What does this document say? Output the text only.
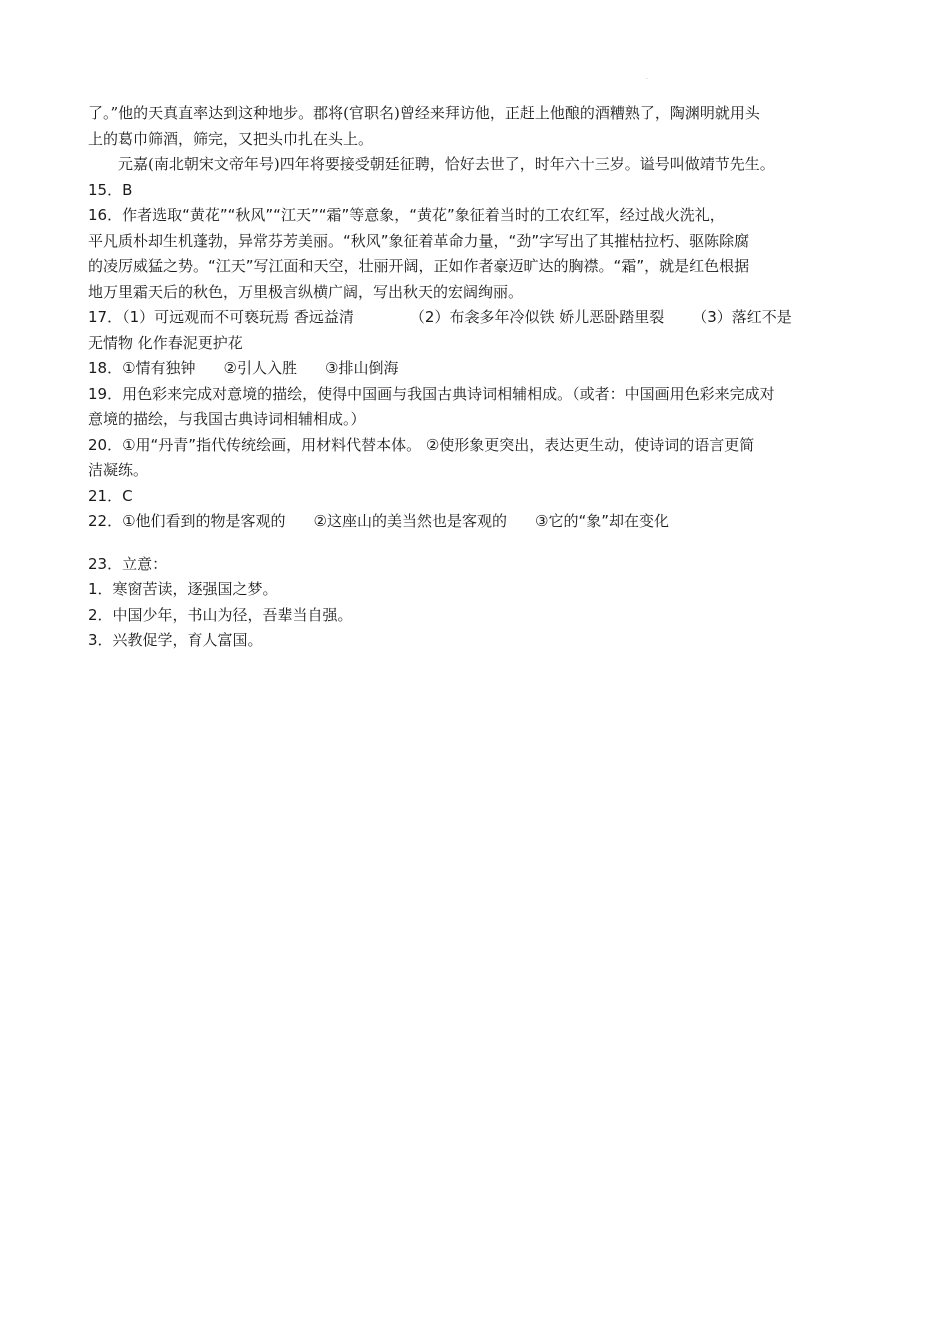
.

了。”他的天真直率达到这种地步。郡将(官职名)曾经来拜访他，正赶上他酿的酒糟熟了，陶渊明就用头

上的葛巾筛酒，筛完，又把头巾扎在头上。

元嘉(南北朝宋文帝年号)四年将要接受朝廷征聘，恰好去世了，时年六十三岁。谥号叫做靖节先生。

15．B

16．作者选取“黄花”“秋风”“江天”“霜”等意象，“黄花”象征着当时的工农红军，经过战火洗礼，

平凡质朴却生机蓬勃，异常芬芳美丽。“秋风”象征着革命力量，“劲”字写出了其摧枯拉朽、驱陈除腐

的凌厉威猛之势。“江天”写江面和天空，壮丽开阔，正如作者豪迈旷达的胸襟。“霜”，就是红色根据

地万里霜天后的秋色，万里极言纵横广阔，写出秋天的宏阔绚丽。

17．（1）可远观而不可亵玩焉 香远益清	（2）布衾多年冷似铁 娇儿恶卧踏里裂 （3）落红不是

无情物 化作春泥更护花

18．①情有独钟 ②引人入胜 ③排山倒海

19．用色彩来完成对意境的描绘，使得中国画与我国古典诗词相辅相成。（或者：中国画用色彩来完成对

意境的描绘，与我国古典诗词相辅相成。）

20．①用“丹青”指代传统绘画，用材料代替本体。 ②使形象更突出，表达更生动，使诗词的语言更简

洁凝练。

21．C

22．①他们看到的物是客观的 ②这座山的美当然也是客观的 ③它的“象”却在变化

23．立意：

1．寒窗苦读，逐强国之梦。

2．中国少年，书山为径，吾辈当自强。

3．兴教促学，育人富国。
